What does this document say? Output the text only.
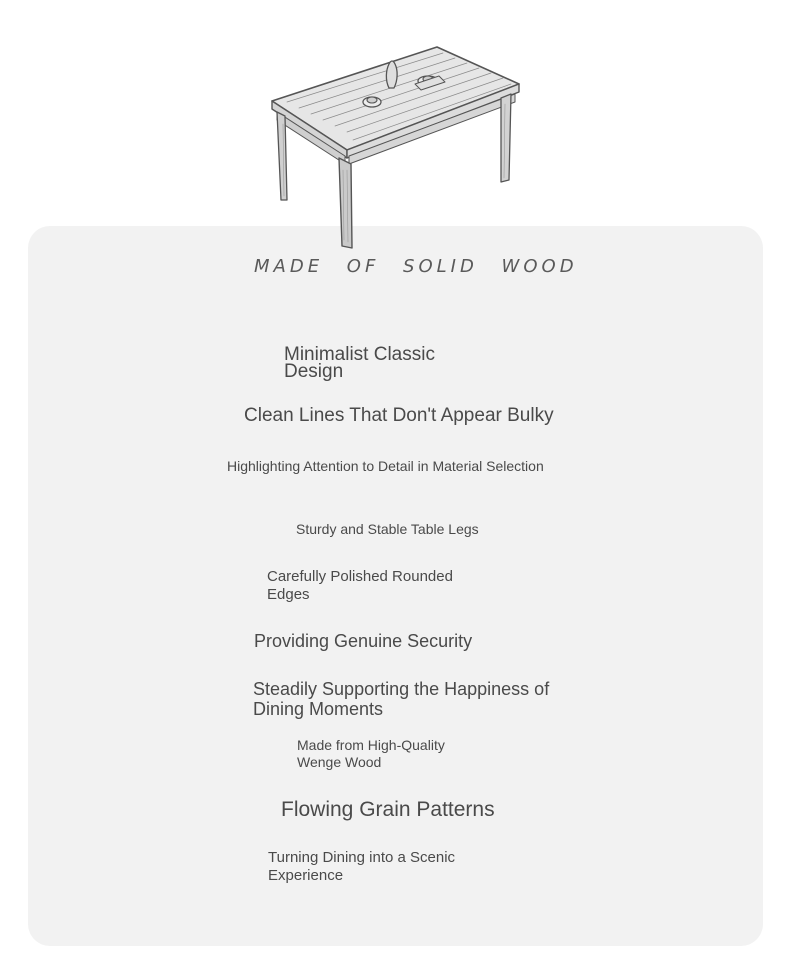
MADE OF SOLID WOOD

Minimalist Classic Design

Clean Lines That Don't Appear Bulky

Highlighting Attention to Detail in Material Selection

Sturdy and Stable Table Legs

Carefully Polished Rounded Edges

Providing Genuine Security

Steadily Supporting the Happiness of Dining Moments

Made from High-Quality Wenge Wood

Flowing Grain Patterns

Turning Dining into a Scenic Experience
